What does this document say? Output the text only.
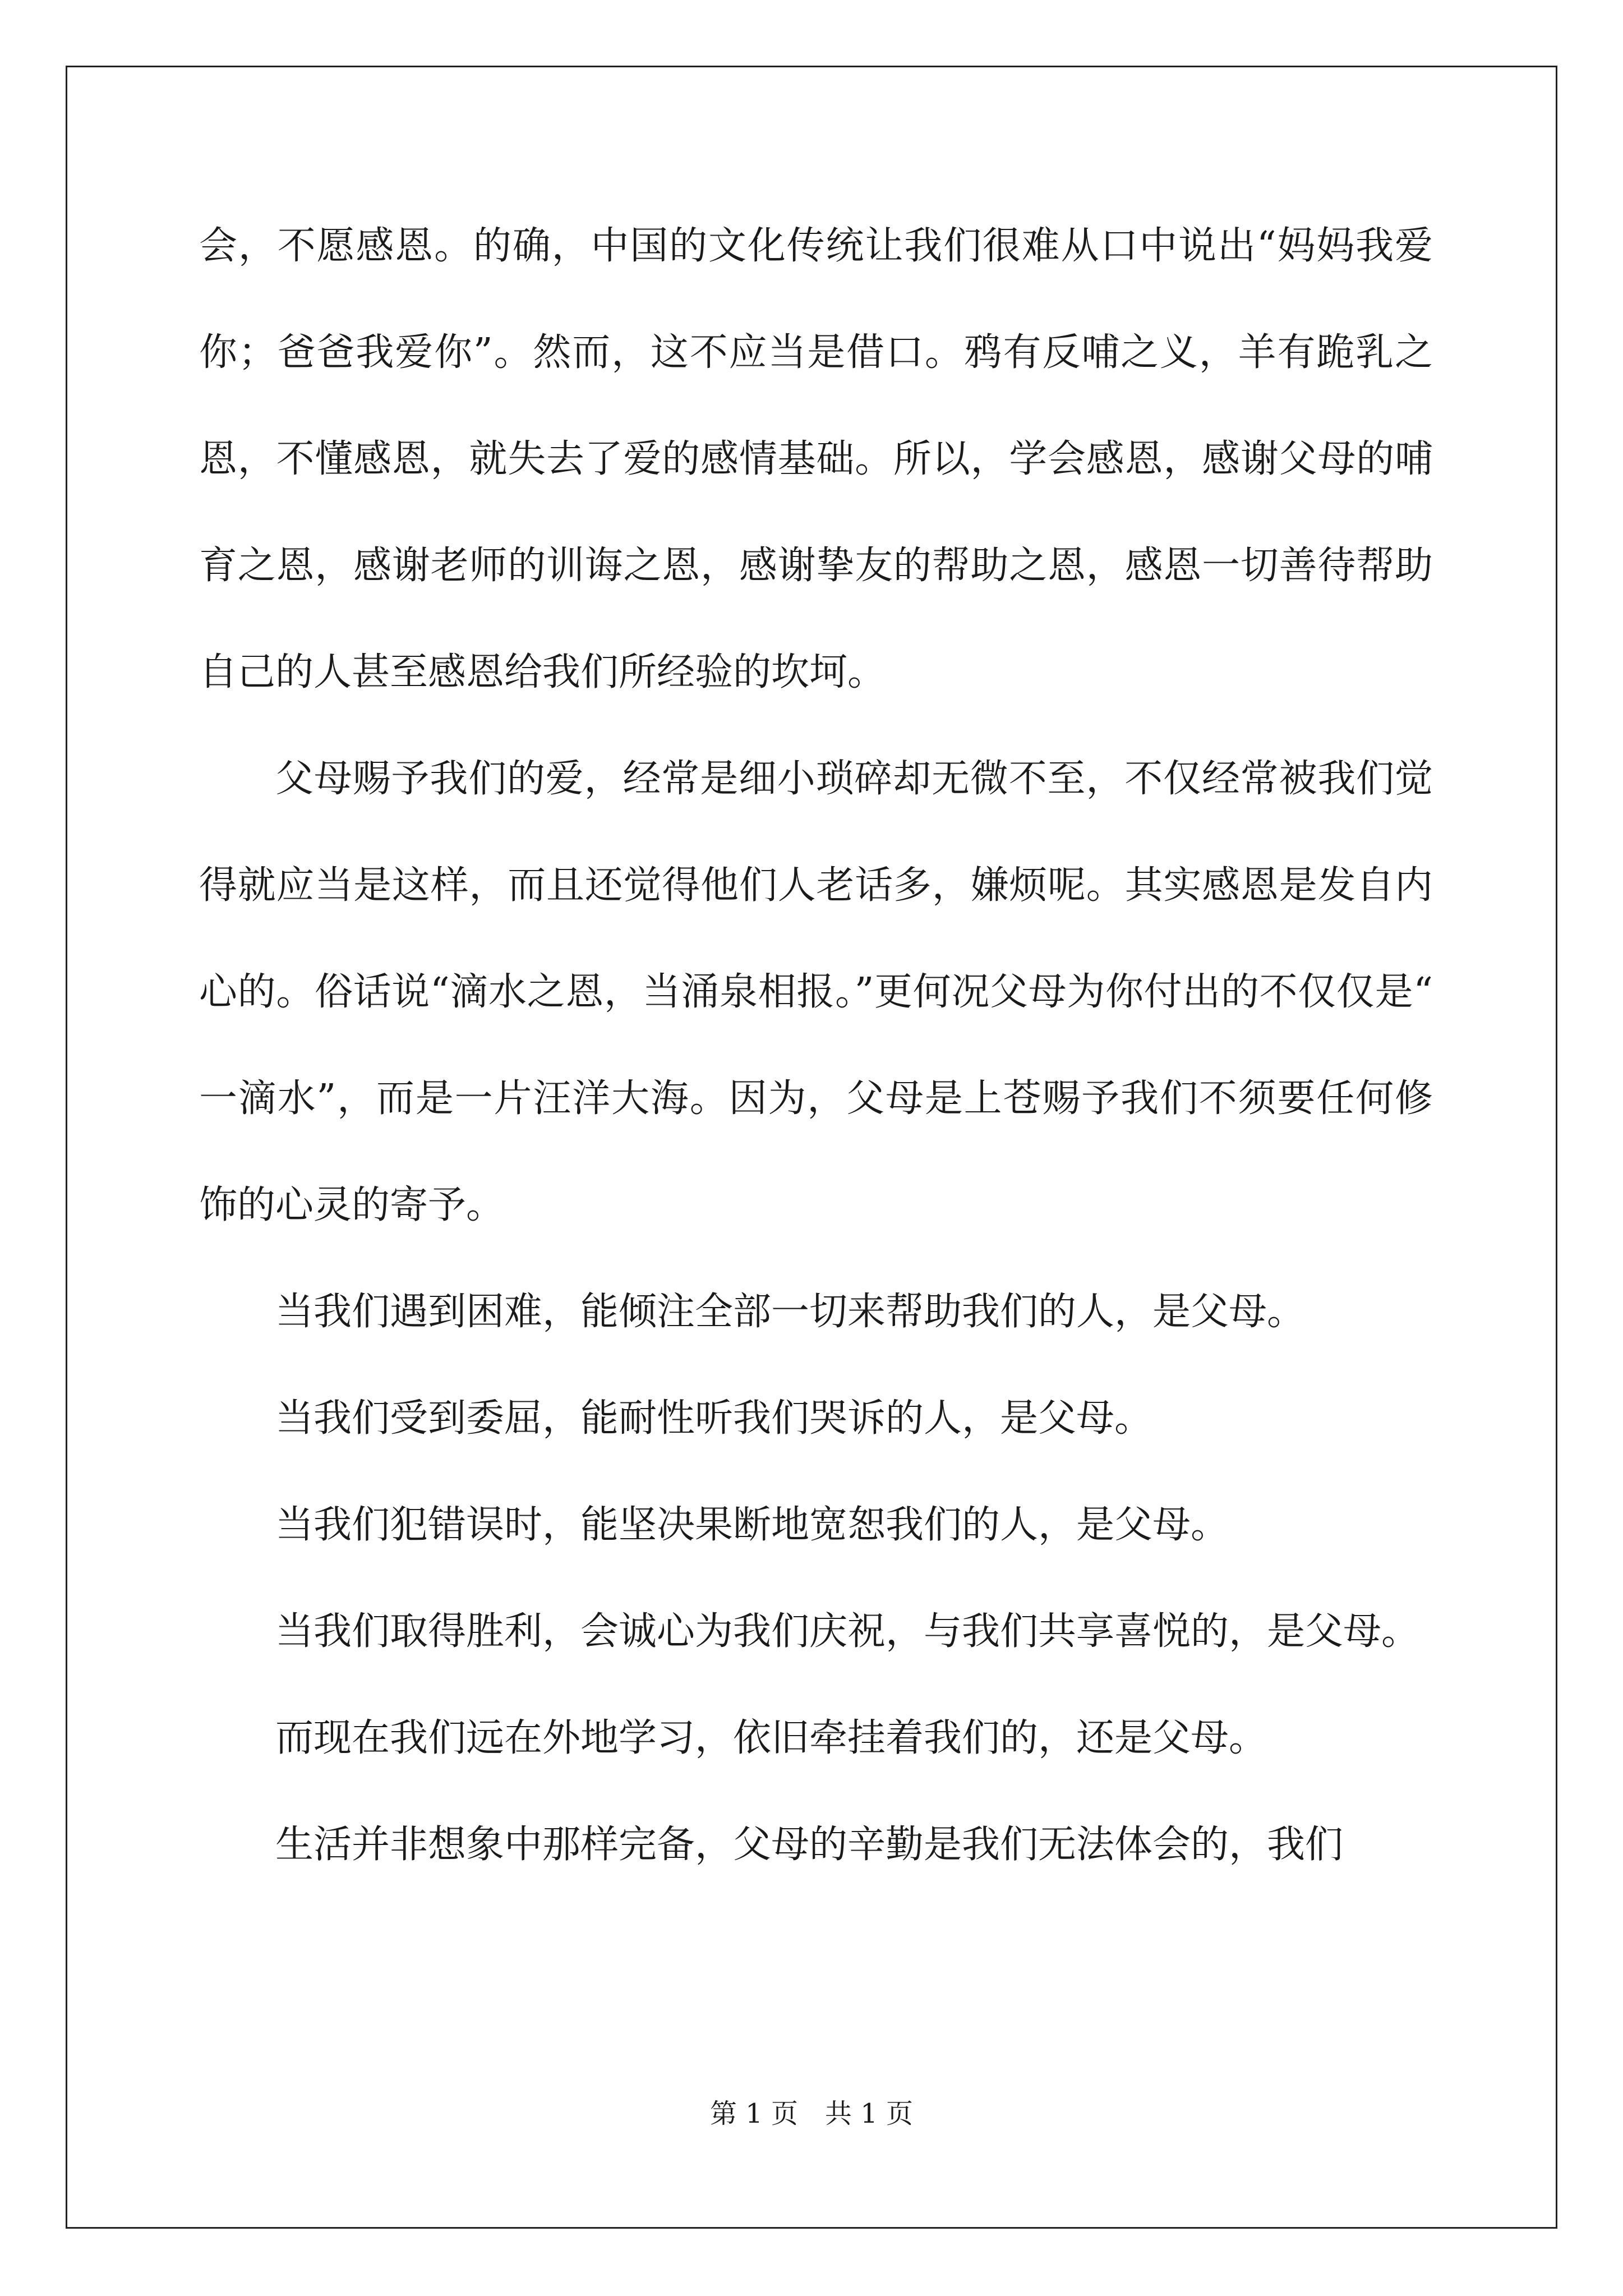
会，不愿感恩。的确，中国的文化传统让我们很难从口中说出“妈妈我爱你；爸爸我爱你”。然而，这不应当是借口。鸦有反哺之义，羊有跪乳之恩，不懂感恩，就失去了爱的感情基础。所以，学会感恩，感谢父母的哺育之恩，感谢老师的训诲之恩，感谢挚友的帮助之恩，感恩一切善待帮助自己的人甚至感恩给我们所经验的坎坷。

父母赐予我们的爱，经常是细小琐碎却无微不至，不仅经常被我们觉得就应当是这样，而且还觉得他们人老话多，嫌烦呢。其实感恩是发自内心的。俗话说“滴水之恩，当涌泉相报。”更何况父母为你付出的不仅仅是“一滴水”，而是一片汪洋大海。因为，父母是上苍赐予我们不须要任何修饰的心灵的寄予。

当我们遇到困难，能倾注全部一切来帮助我们的人，是父母。

当我们受到委屈，能耐性听我们哭诉的人，是父母。

当我们犯错误时，能坚决果断地宽恕我们的人，是父母。

当我们取得胜利，会诚心为我们庆祝，与我们共享喜悦的，是父母。

而现在我们远在外地学习，依旧牵挂着我们的，还是父母。

生活并非想象中那样完备，父母的辛勤是我们无法体会的，我们

第 1 页　共 1 页
